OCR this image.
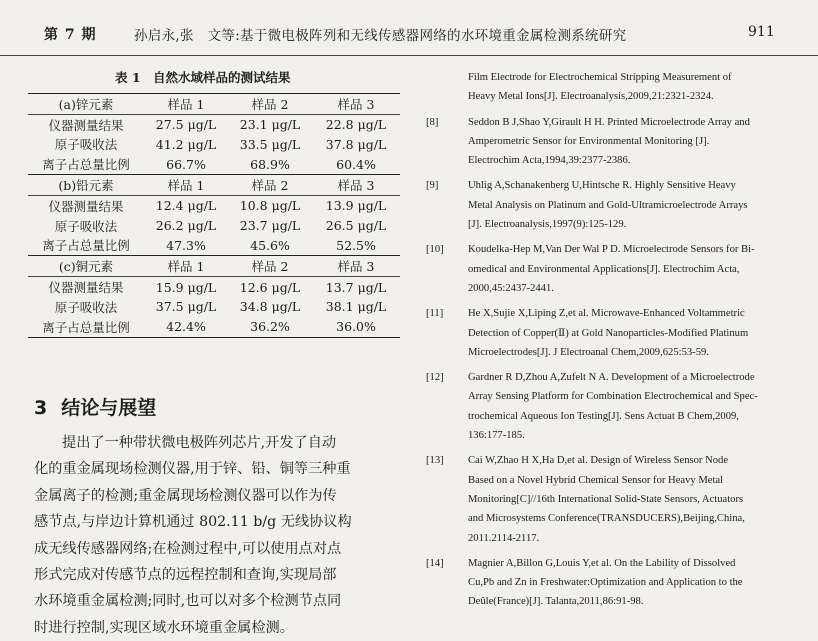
第 7 期	孙启永,张　文等:基于微电极阵列和无线传感器网络的水环境重金属检测系统研究	911
表 1　自然水域样品的测试结果
(a)锌元素	样品 1	样品 2	样品 3
仪器测量结果	27.5 μg/L	23.1 μg/L	22.8 μg/L
原子吸收法	41.2 μg/L	33.5 μg/L	37.8 μg/L
离子占总量比例	66.7%	68.9%	60.4%
(b)铅元素	样品 1	样品 2	样品 3
仪器测量结果	12.4 μg/L	10.8 μg/L	13.9 μg/L
原子吸收法	26.2 μg/L	23.7 μg/L	26.5 μg/L
离子占总量比例	47.3%	45.6%	52.5%
(c)铜元素	样品 1	样品 2	样品 3
仪器测量结果	15.9 μg/L	12.6 μg/L	13.7 μg/L
原子吸收法	37.5 μg/L	34.8 μg/L	38.1 μg/L
离子占总量比例	42.4%	36.2%	36.0%
3 结论与展望
提出了一种带状微电极阵列芯片,开发了自动
化的重金属现场检测仪器,用于锌、铅、铜等三种重
金属离子的检测;重金属现场检测仪器可以作为传
感节点,与岸边计算机通过 802.11 b/g 无线协议构
成无线传感器网络;在检测过程中,可以使用点对点
形式完成对传感节点的远程控制和查询,实现局部
水环境重金属检测;同时,也可以对多个检测节点同
时进行控制,实现区域水环境重金属检测。
Film Electrode for Electrochemical Stripping Measurement of
Heavy Metal Ions[J]. Electroanalysis,2009,21:2321-2324.
[8]	Seddon B J,Shao Y,Girault H H. Printed Microelectrode Array and
Amperometric Sensor for Environmental Monitoring [J].
Electrochim Acta,1994,39:2377-2386.
[9]	Uhlig A,Schanakenberg U,Hintsche R. Highly Sensitive Heavy
Metal Analysis on Platinum and Gold-Ultramicroelectrode Arrays
[J]. Electroanalysis,1997(9):125-129.
[10]	Koudelka-Hep M,Van Der Wal P D. Microelectrode Sensors for Bi-
omedical and Environmental Applications[J]. Electrochim Acta,
2000,45:2437-2441.
[11]	He X,Sujie X,Liping Z,et al. Microwave-Enhanced Voltammetric
Detection of Copper(Ⅱ) at Gold Nanoparticles-Modified Platinum
Microelectrodes[J]. J Electroanal Chem,2009,625:53-59.
[12]	Gardner R D,Zhou A,Zufelt N A. Development of a Microelectrode
Array Sensing Platform for Combination Electrochemical and Spec-
trochemical Aqueous Ion Testing[J]. Sens Actuat B Chem,2009,
136:177-185.
[13]	Cai W,Zhao H X,Ha D,et al. Design of Wireless Sensor Node
Based on a Novel Hybrid Chemical Sensor for Heavy Metal
Monitoring[C]//16th International Solid-State Sensors, Actuators
and Microsystems Conference(TRANSDUCERS),Beijing,China,
2011.2114-2117.
[14]	Magnier A,Billon G,Louis Y,et al. On the Lability of Dissolved
Cu,Pb and Zn in Freshwater:Optimization and Application to the
Deûle(France)[J]. Talanta,2011,86:91-98.
